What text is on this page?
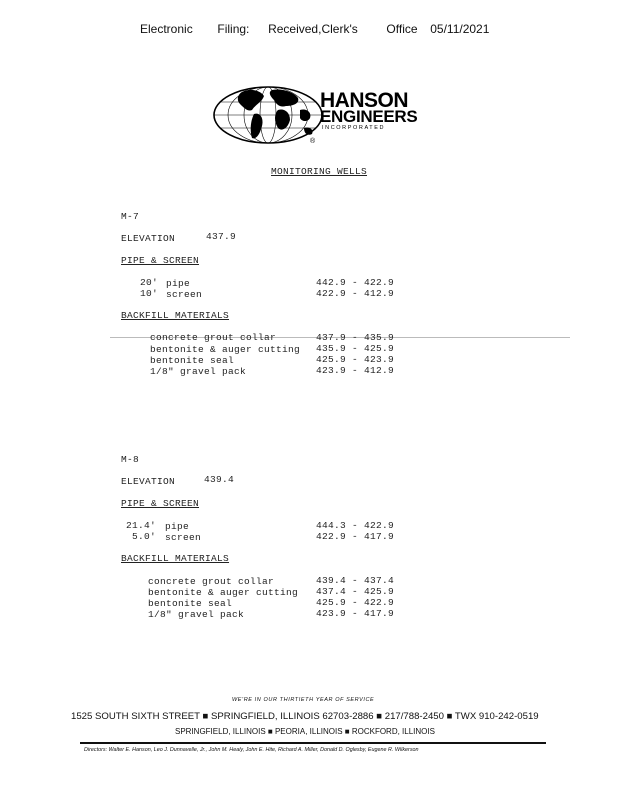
Electronic Filing: Received,Clerk's Office 05/11/2021
HANSON
ENGINEERS
INCORPORATED
®
MONITORING WELLS
M-7
ELEVATION	437.9
PIPE & SCREEN
20' pipe	442.9 - 422.9
10' screen	422.9 - 412.9
BACKFILL MATERIALS
concrete grout collar	437.9 - 435.9
bentonite & auger cutting 435.9 - 425.9
bentonite seal	425.9 - 423.9
1/8" gravel pack	423.9 - 412.9
M-8
ELEVATION	439.4
PIPE & SCREEN
21.4' pipe	444.3 - 422.9
5.0' screen	422.9 - 417.9
BACKFILL MATERIALS
concrete grout collar	439.4 - 437.4
bentonite & auger cutting 437.4 - 425.9
bentonite seal	425.9 - 422.9
1/8" gravel pack	423.9 - 417.9
WE'RE IN OUR THIRTIETH YEAR OF SERVICE
1525 SOUTH SIXTH STREET ■ SPRINGFIELD, ILLINOIS 62703-2886 ■ 217/788-2450 ■ TWX 910-242-0519
SPRINGFIELD, ILLINOIS ■ PEORIA, ILLINOIS ■ ROCKFORD, ILLINOIS
Directors: Walter E. Hanson, Leo J. Dunnavelle, Jr., John M. Healy, John E. Hite, Richard A. Miller, Donald D. Oglesby, Eugene R. Wilkerson
